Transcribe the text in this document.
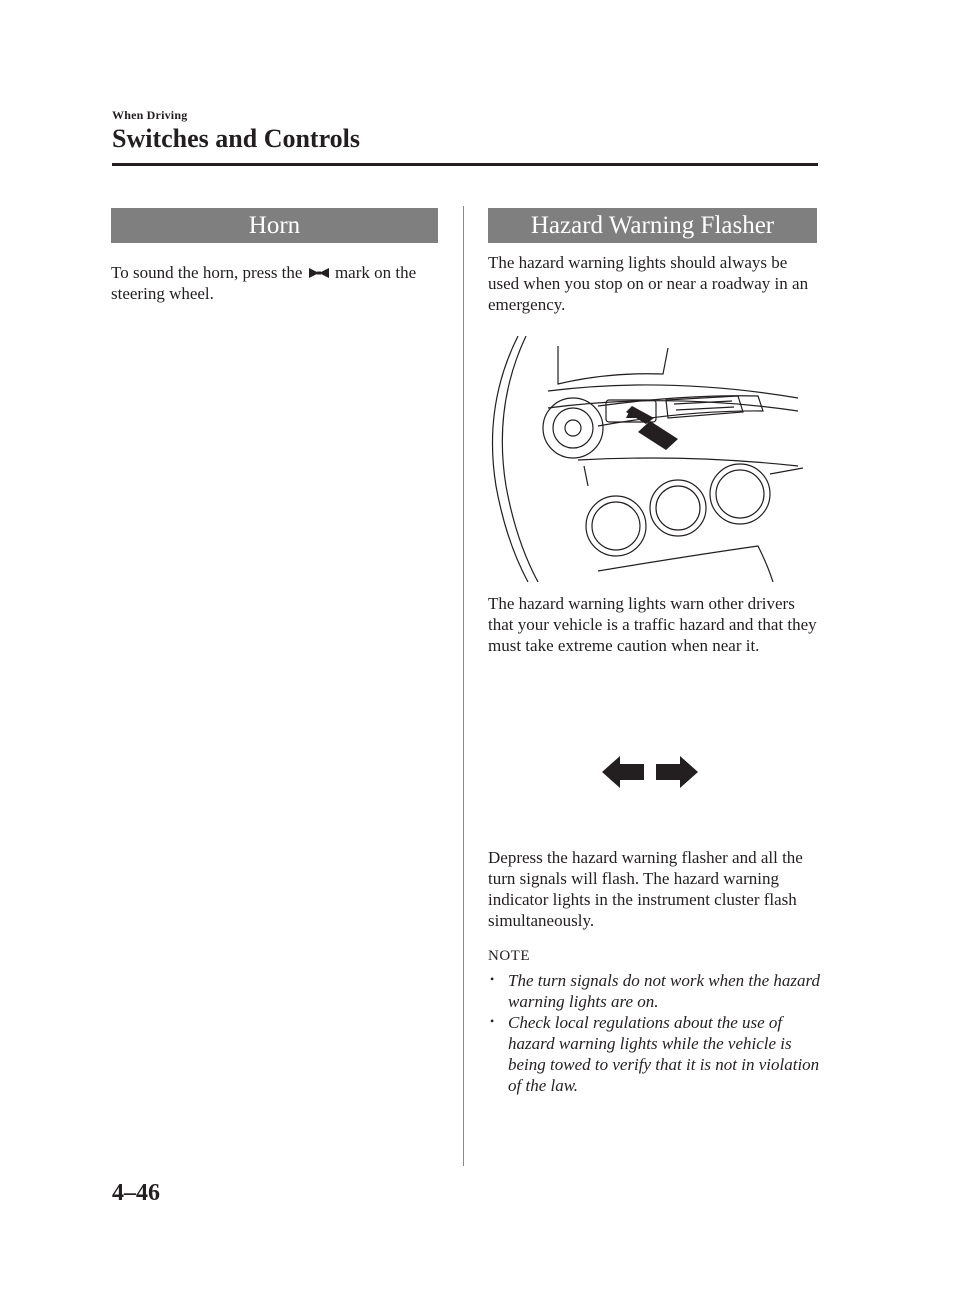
When Driving
Switches and Controls
Horn

To sound the horn, press the mark on the steering wheel.

Hazard Warning Flasher

The hazard warning lights should always be used when you stop on or near a roadway in an emergency.

The hazard warning lights warn other drivers that your vehicle is a traffic hazard and that they must take extreme caution when near it.

Depress the hazard warning flasher and all the turn signals will flash. The hazard warning indicator lights in the instrument cluster flash simultaneously.

NOTE
• The turn signals do not work when the hazard warning lights are on.
• Check local regulations about the use of hazard warning lights while the vehicle is being towed to verify that it is not in violation of the law.
4–46
